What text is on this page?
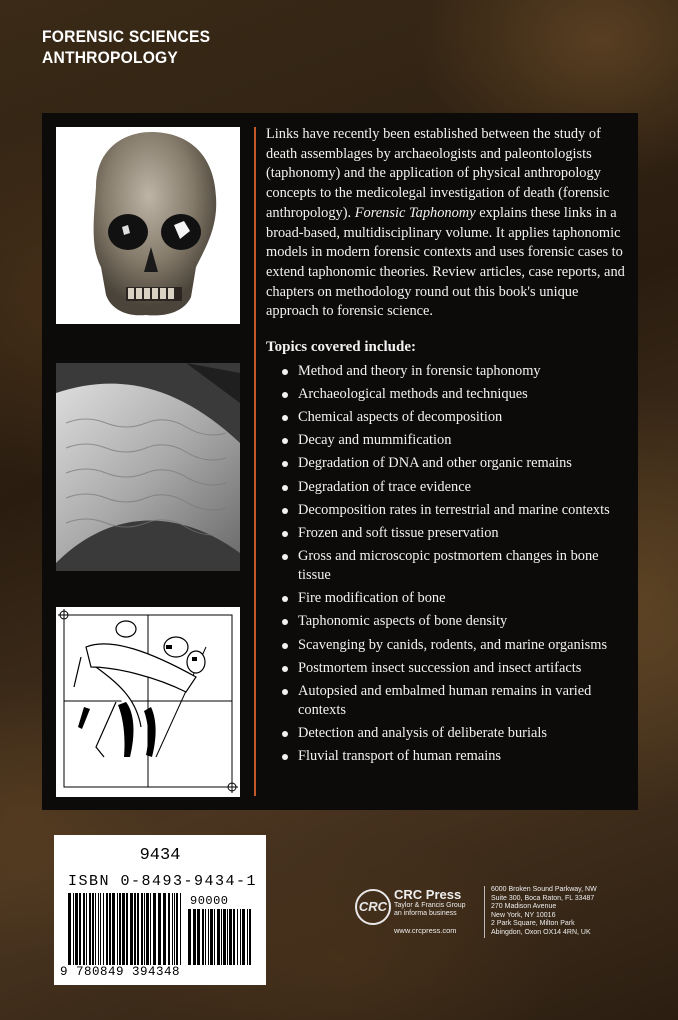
FORENSIC SCIENCES
ANTHROPOLOGY

Links have recently been established between the study of death assemblages by archaeologists and paleontologists (taphonomy) and the application of physical anthropology concepts to the medicolegal investigation of death (forensic anthropology). Forensic Taphonomy explains these links in a broad-based, multidisciplinary volume. It applies taphonomic models in modern forensic contexts and uses forensic cases to extend taphonomic theories. Review articles, case reports, and chapters on methodology round out this book's unique approach to forensic science.

Topics covered include:
Method and theory in forensic taphonomy
Archaeological methods and techniques
Chemical aspects of decomposition
Decay and mummification
Degradation of DNA and other organic remains
Degradation of trace evidence
Decomposition rates in terrestrial and marine contexts
Frozen and soft tissue preservation
Gross and microscopic postmortem changes in bone tissue
Fire modification of bone
Taphonomic aspects of bone density
Scavenging by canids, rodents, and marine organisms
Postmortem insect succession and insect artifacts
Autopsied and embalmed human remains in varied contexts
Detection and analysis of deliberate burials
Fluvial transport of human remains
9434
ISBN 0-8493-9434-1
90000
9 780849 394348
CRC
CRC Press
Taylor & Francis Group
an informa business
www.crcpress.com
6000 Broken Sound Parkway, NW
Suite 300, Boca Raton, FL 33487
270 Madison Avenue
New York, NY 10016
2 Park Square, Milton Park
Abingdon, Oxon OX14 4RN, UK
